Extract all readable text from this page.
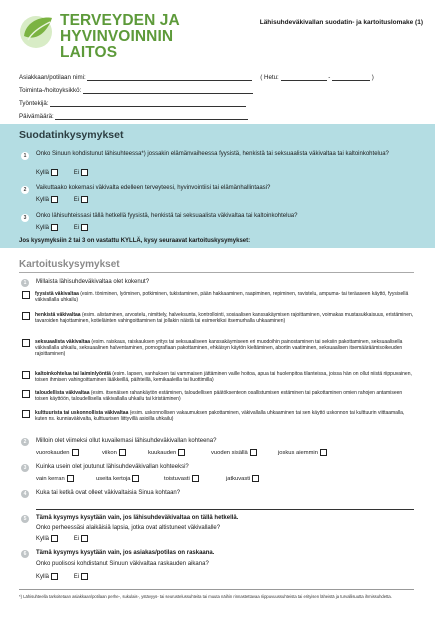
TERVEYDEN JA
HYVINVOINNIN LAITOS
Lähisuhdeväkivallan suodatin- ja kartoituslomake (1)
Asiakkaan/potilaan nimi:	( Hetu:	-	)
Toiminta-/hoitoyksikkö:
Työntekijä:
Päivämäärä:
Suodatinkysymykset
1	Onko Sinuun kohdistunut lähisuhteessa*) jossakin elämänvaiheessa fyysistä, henkistä tai seksuaalista väkivaltaa tai kaltoinkohtelua?
Kyllä	Ei
2	Vaikuttaako kokemasi väkivalta edelleen terveyteesi, hyvinvointiisi tai elämänhallintaasi?
Kyllä	Ei
3	Onko lähisuhteissasi tällä hetkellä fyysistä, henkistä tai seksuaalista väkivaltaa tai kaltoinkohtelua?
Kyllä	Ei
Jos kysymyksiin 2 tai 3 on vastattu KYLLÄ, kysy seuraavat kartoituskysymykset:
Kartoituskysymykset
1	Millaista lähisuhdeväkivaltaa olet kokenut?
fyysistä väkivaltaa (esim. töniminen, lyöminen, potkiminen, tukistaminen, pään hakkaaminen, raapiminen, repiminen, ravistelu, ampuma- tai teräaseen käyttö, fyysisellä väkivallalla uhkailu)
henkistä väkivaltaa (esim. alistaminen, arvostelu, nimittely, halveksunta, kontrollointi, sosiaalisen kanssakäymisen rajoittaminen, voimakas mustasukkaisuus, eristäminen, tavaroiden hajottaminen, kotieläinten vahingoittaminen tai jollakin näistä tai esimerkiksi itsemurhalla uhkaaminen)
seksuaalista väkivaltaa (esim. raiskaus, raiskauksen yritys tai seksuaaliseen kanssakäymiseen eri muodoihin painostaminen tai seksiin pakottaminen, seksuaalisella väkivallalla uhkailu, seksuaalinen halventaminen, pornografiaan pakottaminen, ehkäisyn käytön kieltäminen, abortin vaatiminen, seksuaalisen itsemääräämisoikeuden rajoittaminen)
kaltoinkohtelua tai laiminlyöntiä (esim. lapsen, vanhuksen tai vammaisen jättäminen vaille hoitoa, apua tai huolenpitoa tilanteissa, joissa hän on ollut niistä riippuvainen, toisen ihmisen vahingoittaminen lääkkeillä, päihteillä, kemikaaleilla tai liuottimilla)
taloudellista väkivaltaa (esim. itsenäisen rahankäytön estäminen, taloudellisen päätöksenteon osallistumisen estäminen tai pakottaminen omien rahojen antamiseen toisen käyttöön, taloudellisella väkivallalla uhkailu tai kiristäminen)
kulttuurista tai uskonnollista väkivaltaa (esim. uskonnollisen vakaumuksen pakottaminen, väkivallalla uhkaaminen tai sen käyttö uskonnon tai kulttuurin viittaamalla, kuten ns. kunniaväkivalta, kulttuurisen liittyvillä asioilla uhkailu)
2	Milloin olet viimeksi ollut kuvailemasi lähisuhdeväkivallan kohteena?
vuorokauden	viikon	kuukauden	vuoden sisällä	joskus aiemmin
3	Kuinka usein olet joutunut lähisuhdeväkivallan kohteeksi?
vain kerran	useita kertoja	toistuvasti	jatkuvasti
4	Kuka tai ketkä ovat olleet väkivaltaisia Sinua kohtaan?
5	Tämä kysymys kysytään vain, jos lähisuhdeväkivaltaa on tällä hetkellä.
Onko perheessäsi alaikäisiä lapsia, jotka ovat altistuneet väkivallalle?
Kyllä	Ei
6	Tämä kysymys kysytään vain, jos asiakas/potilas on raskaana.
Onko puolisosi kohdistanut Sinuun väkivaltaa raskauden aikana?
Kyllä	Ei
*) Lähisuhteella tarkoitetaan asiakkaan/potilaan perhe-, sukulais-, ystävyys- tai seurustelussuhteita tai muuta näihin rinnastettavaa riippuvuussuhteista tai erityisen läheistä ja turvallisuutta ihmissuhdetta.
